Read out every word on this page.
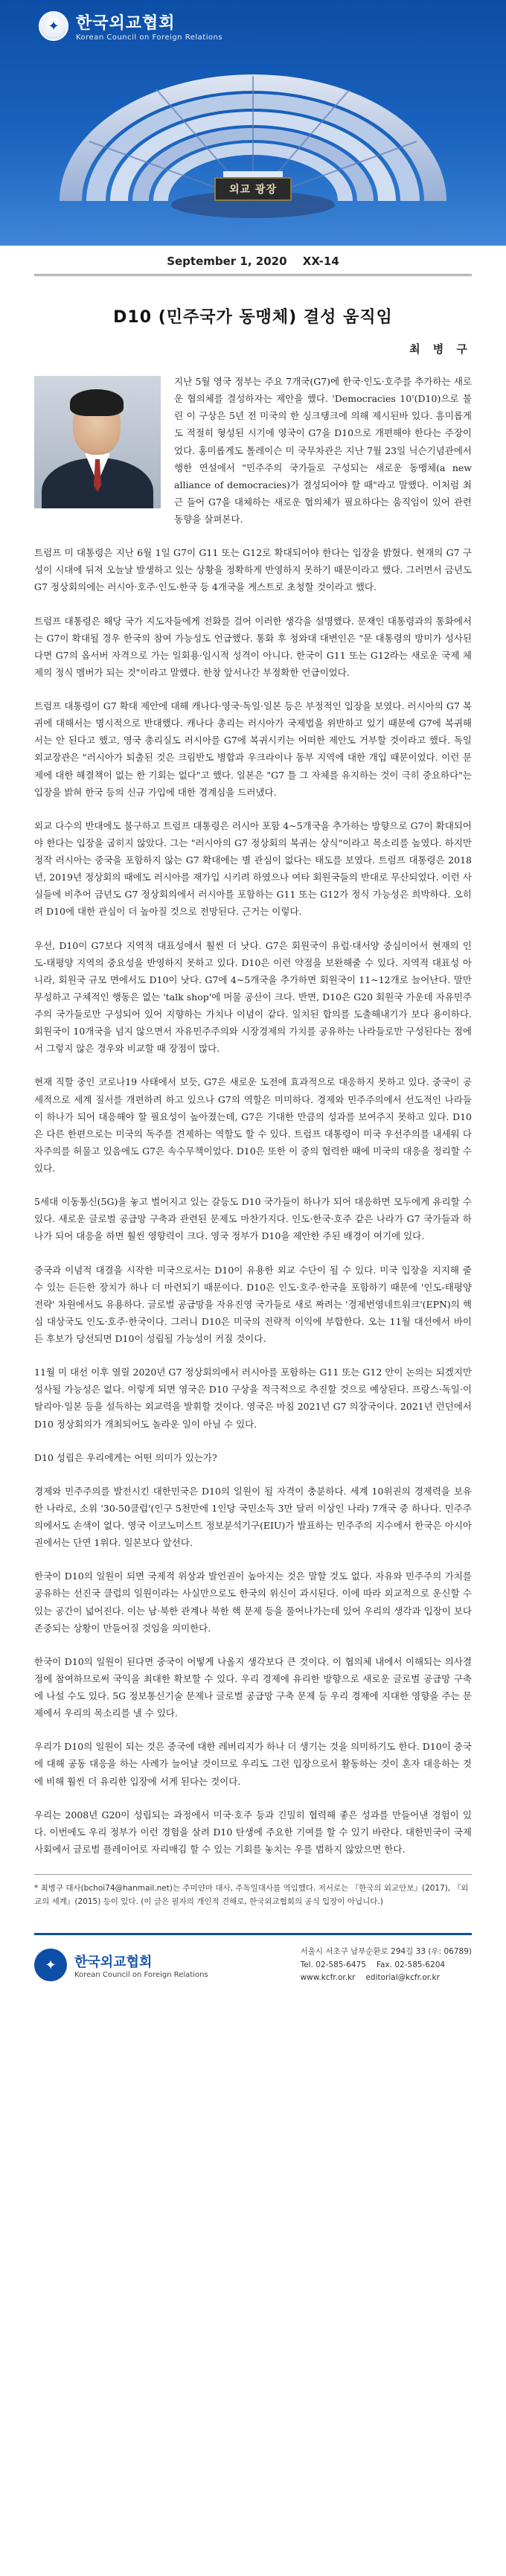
✦	한국외교협회
Korean Council on Foreign Relations
외교 광장
September 1, 2020 XX-14
D10 (민주국가 동맹체) 결성 움직임
최 병 구

지난 5월 영국 정부는 주요 7개국(G7)에 한국·인도·호주를 추가하는 새로운 협의체를 결성하자는 제안을 했다. 'Democracies 10'(D10)으로 불린 이 구상은 5년 전 미국의 한 싱크탱크에 의해 제시된바 있다. 흥미롭게도 적절히 형성된 시기에 영국이 G7을 D10으로 개편해야 한다는 주장이었다. 홍미롭게도 톨레이슨 미 국무차관은 지난 7월 23일 닉슨기념관에서 행한 연설에서 "민주주의 국가들로 구성되는 새로운 동맹체(a new alliance of democracies)가 결성되어야 할 때"라고 말했다. 이처럼 최근 들어 G7을 대체하는 새로운 협의체가 필요하다는 움직임이 있어 관련 동향을 살펴본다.

트럼프 미 대통령은 지난 6월 1일 G7이 G11 또는 G12로 확대되어야 한다는 입장을 밝혔다. 현재의 G7 구성이 시대에 뒤져 오늘날 발생하고 있는 상황을 정확하게 반영하지 못하기 때문이라고 했다. 그러면서 금년도 G7 정상회의에는 러시아·호주·인도·한국 등 4개국을 게스트로 초청할 것이라고 했다.

트럼프 대통령은 해당 국가 지도자들에게 전화를 걸어 이러한 생각을 설명했다. 문재인 대통령과의 통화에서는 G7이 확대될 경우 한국의 참여 가능성도 언급했다. 통화 후 청와대 대변인은 "문 대통령의 방미가 성사된다면 G7의 옵서버 자격으로 가는 일회용·임시적 성격이 아니다. 한국이 G11 또는 G12라는 새로운 국제 체제의 정식 멤버가 되는 것"이라고 말했다. 한창 앞서나간 부정확한 언급이었다.

트럼프 대통령이 G7 확대 제안에 대해 캐나다·영국·독일·일본 등은 부정적인 입장을 보였다. 러시아의 G7 복귀에 대해서는 명시적으로 반대했다. 캐나다 총리는 러시아가 국제법을 위반하고 있기 때문에 G7에 복귀해서는 안 된다고 했고, 영국 총리실도 러시아를 G7에 복귀시키는 어떠한 제안도 거부할 것이라고 했다. 독일 외교장관은 "러시아가 퇴출된 것은 크림반도 병합과 우크라이나 동부 지역에 대한 개입 때문이었다. 이런 문제에 대한 해결책이 없는 한 기회는 없다"고 했다. 일본은 "G7 틀 그 자체를 유지하는 것이 극히 중요하다"는 입장을 밝혀 한국 등의 신규 가입에 대한 경계심을 드러냈다.

외교 다수의 반대에도 불구하고 트럼프 대통령은 러시아 포함 4~5개국을 추가하는 방향으로 G7이 확대되어야 한다는 입장을 굽히지 않았다. 그는 "러시아의 G7 정상회의 복귀는 상식"이라고 목소리를 높였다. 하지만 정작 러시아는 중국을 포함하지 않는 G7 확대에는 별 관심이 없다는 태도를 보였다. 트럼프 대통령은 2018년, 2019년 정상회의 때에도 러시아를 재가입 시키려 하였으나 여타 회원국들의 반대로 무산되었다. 이런 사실들에 비추어 금년도 G7 정상회의에서 러시아를 포함하는 G11 또는 G12가 정식 가능성은 희박하다. 오히려 D10에 대한 관심이 더 높아질 것으로 전망된다. 근거는 이렇다.

우선, D10이 G7보다 지역적 대표성에서 훨씬 더 낫다. G7은 회원국이 유럽·대서양 중심이어서 현재의 인도-태평양 지역의 중요성을 반영하지 못하고 있다. D10은 이런 약점을 보완해줄 수 있다. 지역적 대표성 아니라, 회원국 규모 면에서도 D10이 낫다. G7에 4~5개국을 추가하면 회원국이 11~12개로 늘어난다. 말만 무성하고 구체적인 행동은 없는 'talk shop'에 머물 공산이 크다. 반면, D10은 G20 회원국 가운데 자유민주주의 국가들로만 구성되어 있어 지향하는 가치나 이념이 같다. 일치된 합의를 도출해내기가 보다 용이하다. 회원국이 10개국을 넘지 않으면서 자유민주주의와 시장경제의 가치를 공유하는 나라들로만 구성된다는 점에서 그렇지 않은 경우와 비교할 때 장점이 많다.

현재 직할 중인 코로나19 사태에서 보듯, G7은 새로운 도전에 효과적으로 대응하지 못하고 있다. 중국이 공세적으로 세계 질서를 개편하려 하고 있으나 G7의 역할은 미미하다. 경제와 민주주의에서 선도적인 나라들이 하나가 되어 대응해야 할 필요성이 높아졌는데, G7은 기대한 만큼의 성과를 보여주지 못하고 있다. D10은 다른 한편으로는 미국의 독주를 견제하는 역할도 할 수 있다. 트럼프 대통령이 미국 우선주의를 내세워 다자주의를 허물고 있음에도 G7은 속수무책이었다. D10은 또한 이 중의 협력한 때에 미국의 대응을 정리할 수 있다.

5세대 이동통신(5G)을 놓고 벌어지고 있는 갈등도 D10 국가들이 하나가 되어 대응하면 모두에게 유리할 수 있다. 새로운 글로벌 공급망 구축과 관련된 문제도 마찬가지다. 인도·한국·호주 같은 나라가 G7 국가들과 하나가 되어 대응을 하면 훨씬 영향력이 크다. 영국 정부가 D10을 제안한 주된 배경이 여기에 있다.

중국과 이념적 대결을 시작한 미국으로서는 D10이 유용한 외교 수단이 될 수 있다. 미국 입장을 지지해 줄 수 있는 든든한 장치가 하나 더 마련되기 때문이다. D10은 인도·호주·한국을 포함하기 때문에 '인도-태평양 전략' 차원에서도 유용하다. 글로벌 공급망을 자유진영 국가들로 새로 짜려는 '경제번영네트워크'(EPN)의 핵심 대상국도 인도·호주·한국이다. 그러니 D10은 미국의 전략적 이익에 부합한다. 오는 11월 대선에서 바이든 후보가 당선되면 D10이 성립될 가능성이 커질 것이다.

11월 미 대선 이후 열릴 2020년 G7 정상회의에서 러시아를 포함하는 G11 또는 G12 안이 논의는 되겠지만 성사될 가능성은 없다. 이렇게 되면 영국은 D10 구상을 적극적으로 추진할 것으로 예상된다. 프랑스·독일·이탈리아·일본 등을 설득하는 외교력을 발휘할 것이다. 영국은 마침 2021년 G7 의장국이다. 2021년 런던에서 D10 정상회의가 개최되어도 놀라운 일이 아닐 수 있다.

D10 성립은 우리에게는 어떤 의미가 있는가?

경제와 민주주의를 발전시킨 대한민국은 D10의 일원이 될 자격이 충분하다. 세계 10위권의 경제력을 보유한 나라로, 소위 '30-50클럽'(인구 5천만에 1인당 국민소득 3만 달러 이상인 나라) 7개국 중 하나다. 민주주의에서도 손색이 없다. 영국 이코노미스트 정보분석기구(EIU)가 발표하는 민주주의 지수에서 한국은 아시아권에서는 단연 1위다. 일본보다 앞선다.

한국이 D10의 일원이 되면 국제적 위상과 발언권이 높아지는 것은 말할 것도 없다. 자유와 민주주의 가치를 공유하는 선진국 클럽의 일원이라는 사실만으로도 한국의 위신이 과시된다. 이에 따라 외교적으로 운신할 수 있는 공간이 넓어진다. 이는 남·북한 관계나 북한 핵 문제 등을 풀어나가는데 있어 우리의 생각과 입장이 보다 존중되는 상황이 만들어질 것임을 의미한다.

한국이 D10의 일원이 된다면 중국이 어떻게 나올지 생각보다 큰 것이다. 이 협의체 내에서 이해되는 의사결정에 참여하므로써 국익을 최대한 확보할 수 있다. 우리 경제에 유리한 방향으로 새로운 글로벌 공급망 구축에 나설 수도 있다. 5G 정보통신기술 문제나 글로벌 공급망 구축 문제 등 우리 경제에 지대한 영향을 주는 문제에서 우리의 목소리를 낼 수 있다.

우리가 D10의 일원이 되는 것은 중국에 대한 레버리지가 하나 더 생기는 것을 의미하기도 한다. D10이 중국에 대해 공동 대응을 하는 사례가 늘어날 것이므로 우리도 그런 입장으로서 활동하는 것이 혼자 대응하는 것에 비해 훨씬 더 유리한 입장에 서게 된다는 것이다.

우리는 2008년 G20이 성립되는 과정에서 미국·호주 등과 긴밀히 협력해 좋은 성과를 만들어낸 경험이 있다. 이번에도 우리 정부가 이런 경험을 살려 D10 탄생에 주요한 기여를 할 수 있기 바란다. 대한민국이 국제사회에서 글로벌 플레이어로 자리매김 할 수 있는 기회를 놓치는 우를 범하지 않았으면 한다.

* 최병구 대사(bchoi74@hanmail.net)는 주미얀마 대사, 주독일대사를 역임했다. 저서로는 『한국의 외교안보』(2017), 『외교의 세계』(2015) 등이 있다. (이 글은 필자의 개인적 견해로, 한국외교협회의 공식 입장이 아닙니다.)
✦	한국외교협회
Korean Council on Foreign Relations
서울시 서초구 남부순환로 294길 33 (우: 06789)
Tel. 02-585-6475 Fax. 02-585-6204
www.kcfr.or.kr editorial@kcfr.or.kr
